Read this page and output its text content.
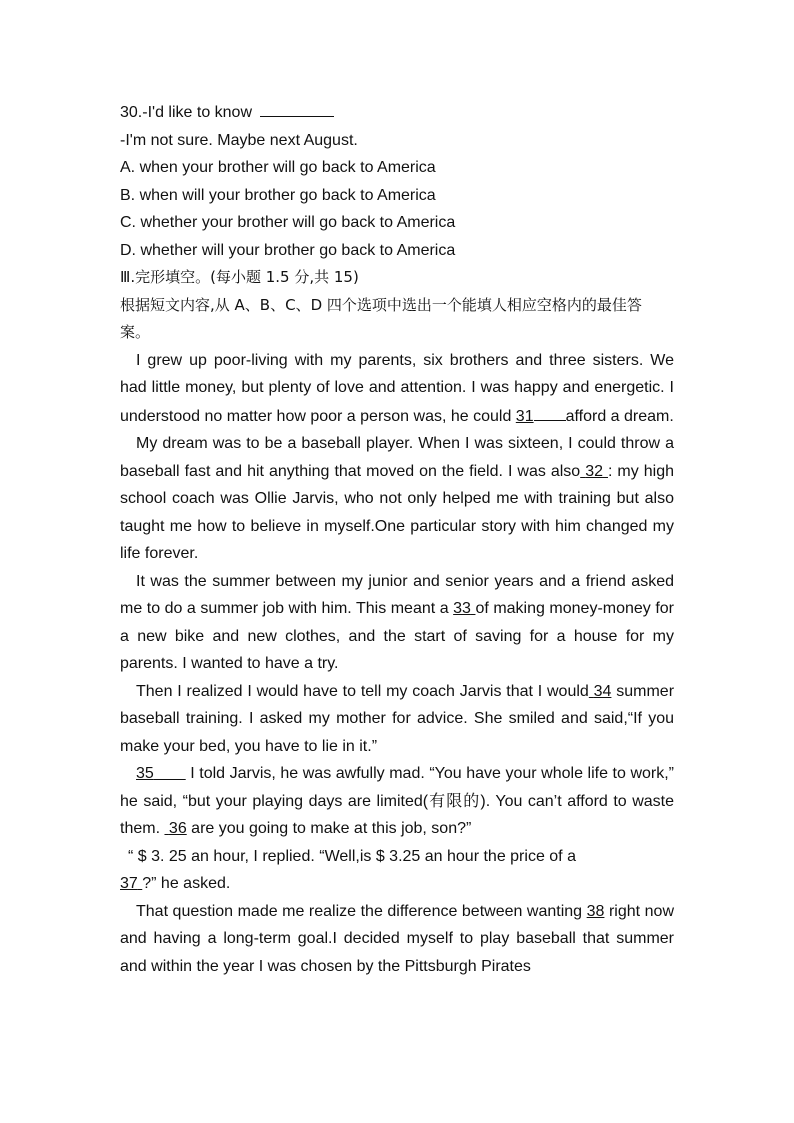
30.-I'd like to know
-I'm not sure. Maybe next August.
A. when your brother will go back to America
B. when will your brother go back to America
C. whether your brother will go back to America
D. whether will your brother go back to America
Ⅲ.完形填空。(每小题 1.5 分,共 15)
根据短文内容,从 A、B、C、D 四个选项中选出一个能填人相应空格内的最佳答
案。
I grew up poor-living with my parents, six brothers and three sisters. We had little money, but plenty of love and attention. I was happy and energetic. I understood no matter how poor a person was, he could 31 afford a dream.
My dream was to be a baseball player. When I was sixteen, I could throw a baseball fast and hit anything that moved on the field. I was also 32 : my high school coach was Ollie Jarvis, who not only helped me with training but also taught me how to believe in myself.One particular story with him changed my life forever.
It was the summer between my junior and senior years and a friend asked me to do a summer job with him. This meant a 33 of making money-money for a new bike and new clothes, and the start of saving for a house for my parents. I wanted to have a try.
Then I realized I would have to tell my coach Jarvis that I would 34 summer baseball training. I asked my mother for advice. She smiled and said,“If you make your bed, you have to lie in it.”
35 I told Jarvis, he was awfully mad. “You have your whole life to work,” he said, “but your playing days are limited(有限的). You can’t afford to waste them.  36 are you going to make at this job, son?”
“ $ 3. 25 an hour, I replied. “Well,is $ 3.25 an hour the price of a
37 ?” he asked.
That question made me realize the difference between wanting 38 right now and having a long-term goal.I decided myself to play baseball that summer and within the year I was chosen by the Pittsburgh Pirates
